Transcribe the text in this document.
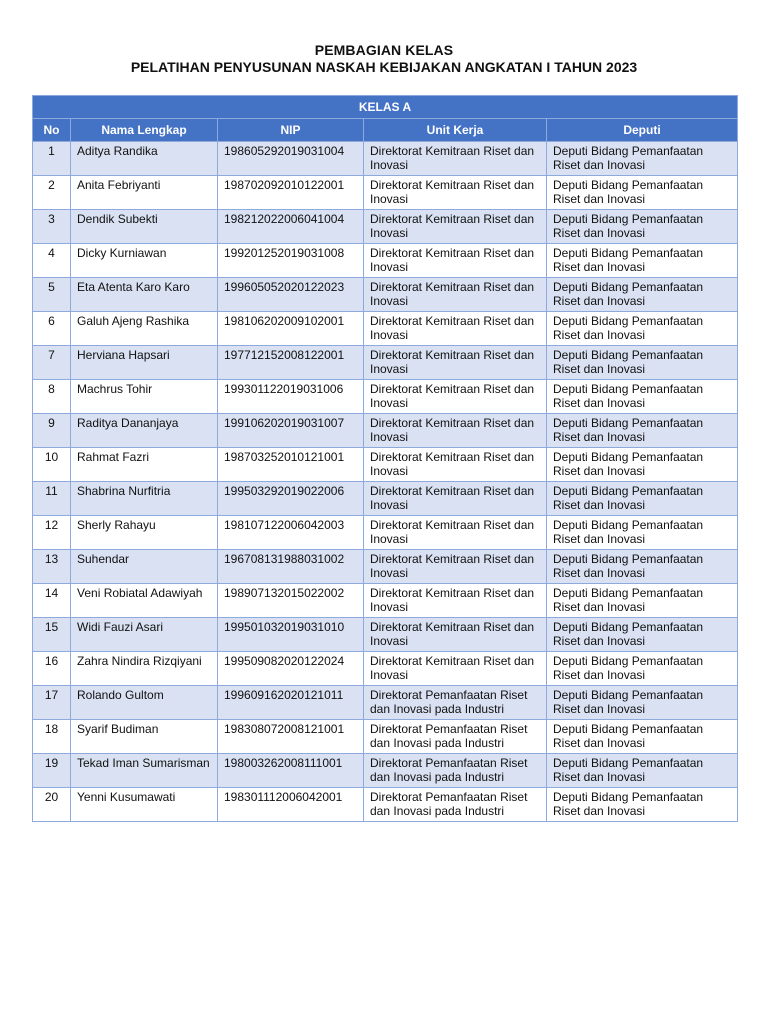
PEMBAGIAN KELAS
PELATIHAN PENYUSUNAN NASKAH KEBIJAKAN ANGKATAN I TAHUN 2023
KELAS A				
No	Nama Lengkap	NIP	Unit Kerja	Deputi
1	Aditya Randika	198605292019031004	Direktorat Kemitraan Riset dan Inovasi	Deputi Bidang Pemanfaatan Riset dan Inovasi
2	Anita Febriyanti	198702092010122001	Direktorat Kemitraan Riset dan Inovasi	Deputi Bidang Pemanfaatan Riset dan Inovasi
3	Dendik Subekti	198212022006041004	Direktorat Kemitraan Riset dan Inovasi	Deputi Bidang Pemanfaatan Riset dan Inovasi
4	Dicky Kurniawan	199201252019031008	Direktorat Kemitraan Riset dan Inovasi	Deputi Bidang Pemanfaatan Riset dan Inovasi
5	Eta Atenta Karo Karo	199605052020122023	Direktorat Kemitraan Riset dan Inovasi	Deputi Bidang Pemanfaatan Riset dan Inovasi
6	Galuh Ajeng Rashika	198106202009102001	Direktorat Kemitraan Riset dan Inovasi	Deputi Bidang Pemanfaatan Riset dan Inovasi
7	Herviana Hapsari	197712152008122001	Direktorat Kemitraan Riset dan Inovasi	Deputi Bidang Pemanfaatan Riset dan Inovasi
8	Machrus Tohir	199301122019031006	Direktorat Kemitraan Riset dan Inovasi	Deputi Bidang Pemanfaatan Riset dan Inovasi
9	Raditya Dananjaya	199106202019031007	Direktorat Kemitraan Riset dan Inovasi	Deputi Bidang Pemanfaatan Riset dan Inovasi
10	Rahmat Fazri	198703252010121001	Direktorat Kemitraan Riset dan Inovasi	Deputi Bidang Pemanfaatan Riset dan Inovasi
11	Shabrina Nurfitria	199503292019022006	Direktorat Kemitraan Riset dan Inovasi	Deputi Bidang Pemanfaatan Riset dan Inovasi
12	Sherly Rahayu	198107122006042003	Direktorat Kemitraan Riset dan Inovasi	Deputi Bidang Pemanfaatan Riset dan Inovasi
13	Suhendar	196708131988031002	Direktorat Kemitraan Riset dan Inovasi	Deputi Bidang Pemanfaatan Riset dan Inovasi
14	Veni Robiatal Adawiyah	198907132015022002	Direktorat Kemitraan Riset dan Inovasi	Deputi Bidang Pemanfaatan Riset dan Inovasi
15	Widi Fauzi Asari	199501032019031010	Direktorat Kemitraan Riset dan Inovasi	Deputi Bidang Pemanfaatan Riset dan Inovasi
16	Zahra Nindira Rizqiyani	199509082020122024	Direktorat Kemitraan Riset dan Inovasi	Deputi Bidang Pemanfaatan Riset dan Inovasi
17	Rolando Gultom	199609162020121011	Direktorat Pemanfaatan Riset dan Inovasi pada Industri	Deputi Bidang Pemanfaatan Riset dan Inovasi
18	Syarif Budiman	198308072008121001	Direktorat Pemanfaatan Riset dan Inovasi pada Industri	Deputi Bidang Pemanfaatan Riset dan Inovasi
19	Tekad Iman Sumarisman	198003262008111001	Direktorat Pemanfaatan Riset dan Inovasi pada Industri	Deputi Bidang Pemanfaatan Riset dan Inovasi
20	Yenni Kusumawati	198301112006042001	Direktorat Pemanfaatan Riset dan Inovasi pada Industri	Deputi Bidang Pemanfaatan Riset dan Inovasi
